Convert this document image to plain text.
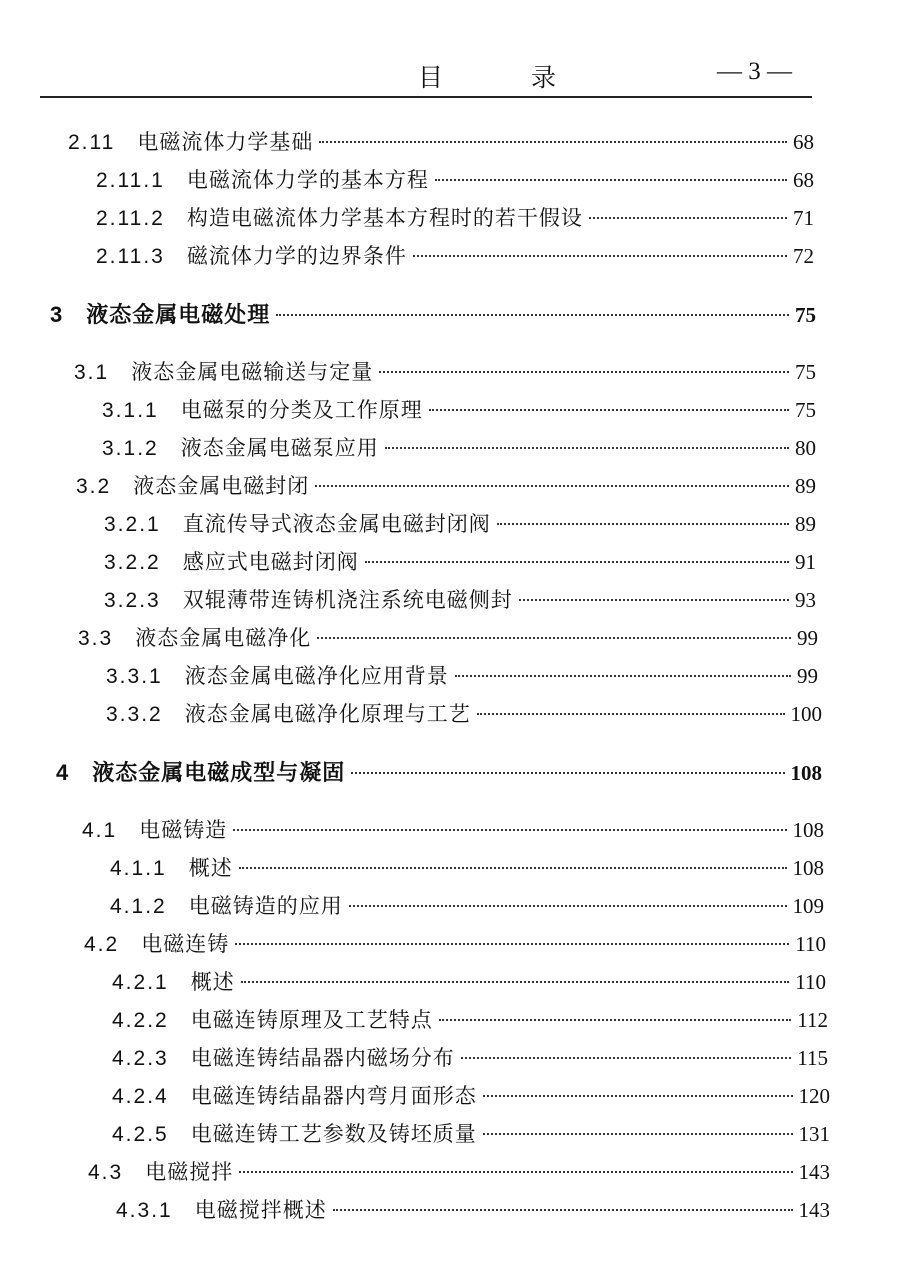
目 录	— 3 —
2.11 电磁流体力学基础	68
2.11.1 电磁流体力学的基本方程	68
2.11.2 构造电磁流体力学基本方程时的若干假设	71
2.11.3 磁流体力学的边界条件	72
3 液态金属电磁处理	75
3.1 液态金属电磁输送与定量	75
3.1.1 电磁泵的分类及工作原理	75
3.1.2 液态金属电磁泵应用	80
3.2 液态金属电磁封闭	89
3.2.1 直流传导式液态金属电磁封闭阀	89
3.2.2 感应式电磁封闭阀	91
3.2.3 双辊薄带连铸机浇注系统电磁侧封	93
3.3 液态金属电磁净化	99
3.3.1 液态金属电磁净化应用背景	99
3.3.2 液态金属电磁净化原理与工艺	100
4 液态金属电磁成型与凝固	108
4.1 电磁铸造	108
4.1.1 概述	108
4.1.2 电磁铸造的应用	109
4.2 电磁连铸	110
4.2.1 概述	110
4.2.2 电磁连铸原理及工艺特点	112
4.2.3 电磁连铸结晶器内磁场分布	115
4.2.4 电磁连铸结晶器内弯月面形态	120
4.2.5 电磁连铸工艺参数及铸坯质量	131
4.3 电磁搅拌	143
4.3.1 电磁搅拌概述	143
